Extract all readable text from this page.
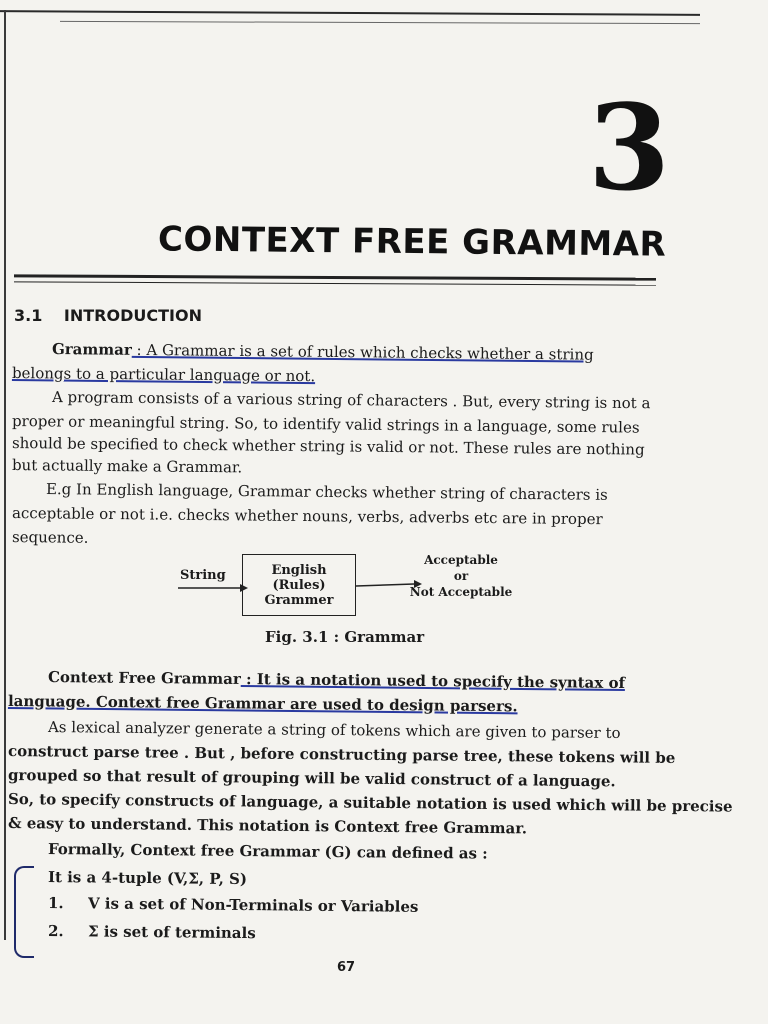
3
CONTEXT FREE GRAMMAR
3.1 INTRODUCTION
Grammar : A Grammar is a set of rules which checks whether a string
belongs to a particular language or not.
A program consists of a various string of characters . But, every string is not a
proper or meaningful string. So, to identify valid strings in a language, some rules
should be specified to check whether string is valid or not. These rules are nothing
but actually make a Grammar.
E.g In English language, Grammar checks whether string of characters is
acceptable or not i.e. checks whether nouns, verbs, adverbs etc are in proper
sequence.
String	English (Rules)
Grammer
Acceptable
or
Not Acceptable
Fig. 3.1 : Grammar
Context Free Grammar : It is a notation used to specify the syntax of
language. Context free Grammar are used to design parsers.
As lexical analyzer generate a string of tokens which are given to parser to
construct parse tree . But , before constructing parse tree, these tokens will be
grouped so that result of grouping will be valid construct of a language.
So, to specify constructs of language, a suitable notation is used which will be precise
& easy to understand. This notation is Context free Grammar.
Formally, Context free Grammar (G) can defined as :
It is a 4-tuple (V,Σ, P, S)
1. V is a set of Non-Terminals or Variables
2. Σ is set of terminals
67
